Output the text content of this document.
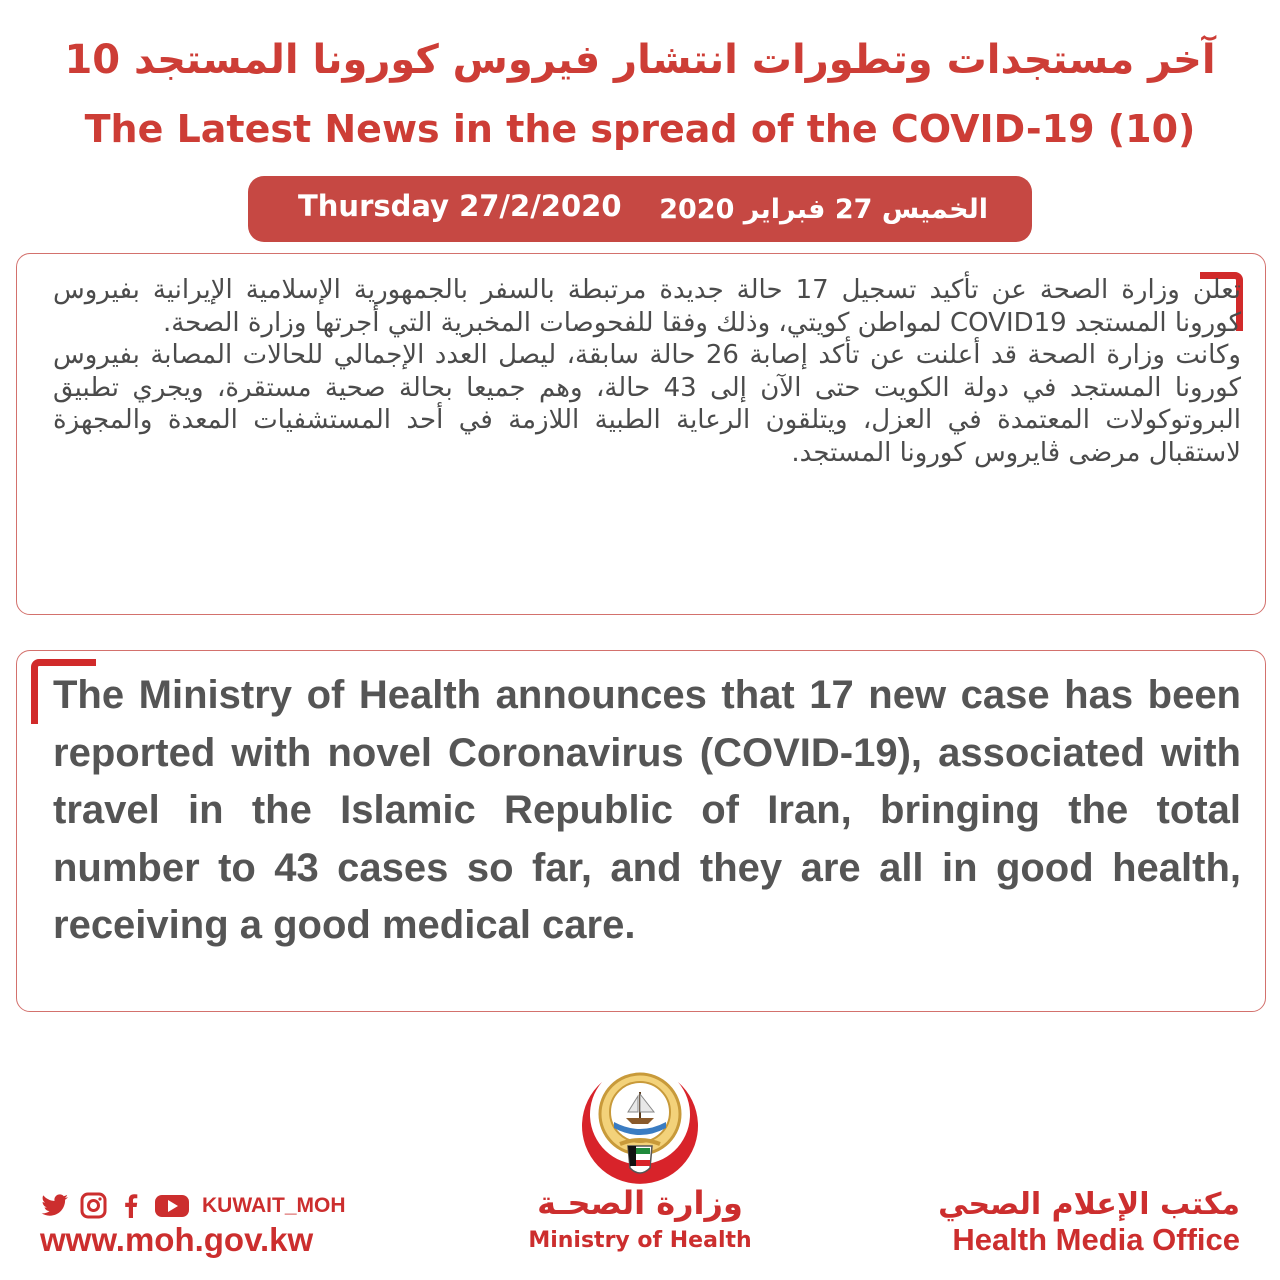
آخر مستجدات وتطورات انتشار فيروس كورونا المستجد 10
The Latest News in the spread of the COVID-19 (10)
Thursday 27/2/2020 الخميس 27 فبراير 2020

تعلن وزارة الصحة عن تأكيد تسجيل 17 حالة جديدة مرتبطة بالسفر بالجمهورية الإسلامية الإيرانية بفيروس كورونا المستجد COVID19 لمواطن كويتي، وذلك وفقا للفحوصات المخبرية التي أجرتها وزارة الصحة.

وكانت وزارة الصحة قد أعلنت عن تأكد إصابة 26 حالة سابقة، ليصل العدد الإجمالي للحالات المصابة بفيروس كورونا المستجد في دولة الكويت حتى الآن إلى 43 حالة، وهم جميعا بحالة صحية مستقرة، ويجري تطبيق البروتوكولات المعتمدة في العزل، ويتلقون الرعاية الطبية اللازمة في أحد المستشفيات المعدة والمجهزة لاستقبال مرضى ڤايروس كورونا المستجد.

The Ministry of Health announces that 17 new case has been reported with novel Coronavirus (COVID-19), associated with travel in the Islamic Republic of Iran, bringing the total number to 43 cases so far, and they are all in good health, receiving a good medical care.
وزارة الصحـة
Ministry of Health
KUWAIT_MOH
www.moh.gov.kw
مكتب الإعلام الصحي
Health Media Office
